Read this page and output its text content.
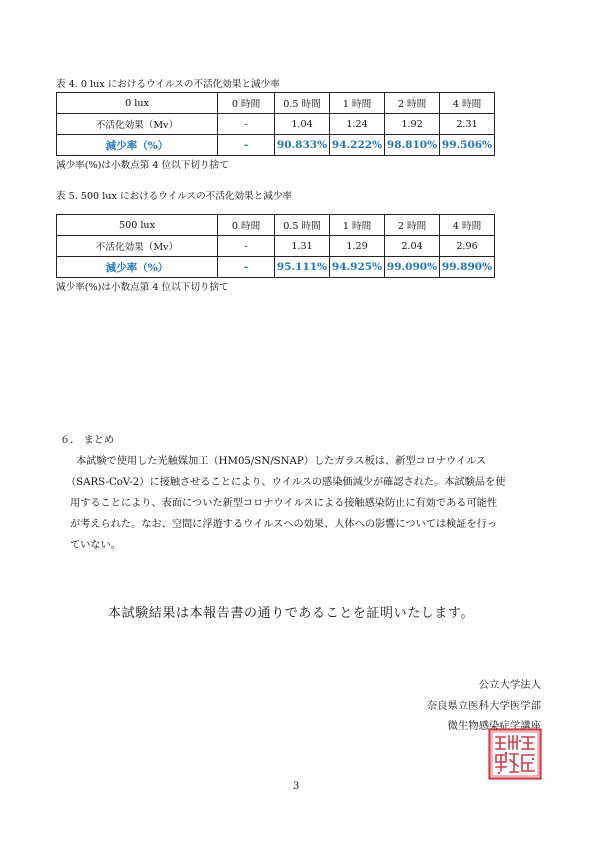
表 4. 0 lux におけるウイルスの不活化効果と減少率
0 lux	0 時間	0.5 時間	1 時間	2 時間	4 時間
不活化効果（Mv）	-	1.04	1.24	1.92	2.31
減少率（%）	-	90.833%	94.222%	98.810%	99.506%
減少率(%)は小数点第 4 位以下切り捨て
表 5. 500 lux におけるウイルスの不活化効果と減少率
500 lux	0 時間	0.5 時間	1 時間	2 時間	4 時間
不活化効果（Mv）	-	1.31	1.29	2.04	2.96
減少率（%）	-	95.111%	94.925%	99.090%	99.890%
減少率(%)は小数点第 4 位以下切り捨て
６． まとめ
本試験で使用した光触媒加工（HM05/SN/SNAP）したガラス板は、新型コロナウイルス
（SARS-CoV-2）に接触させることにより、ウイルスの感染価減少が確認された。本試験品を使
用することにより、表面についた新型コロナウイルスによる接触感染防止に有効である可能性
が考えられた。なお、空間に浮遊するウイルスへの効果、人体への影響については検証を行っ
ていない。
本試験結果は本報告書の通りであることを証明いたします。
公立大学法人
奈良県立医科大学医学部
微生物感染症学講座
3
